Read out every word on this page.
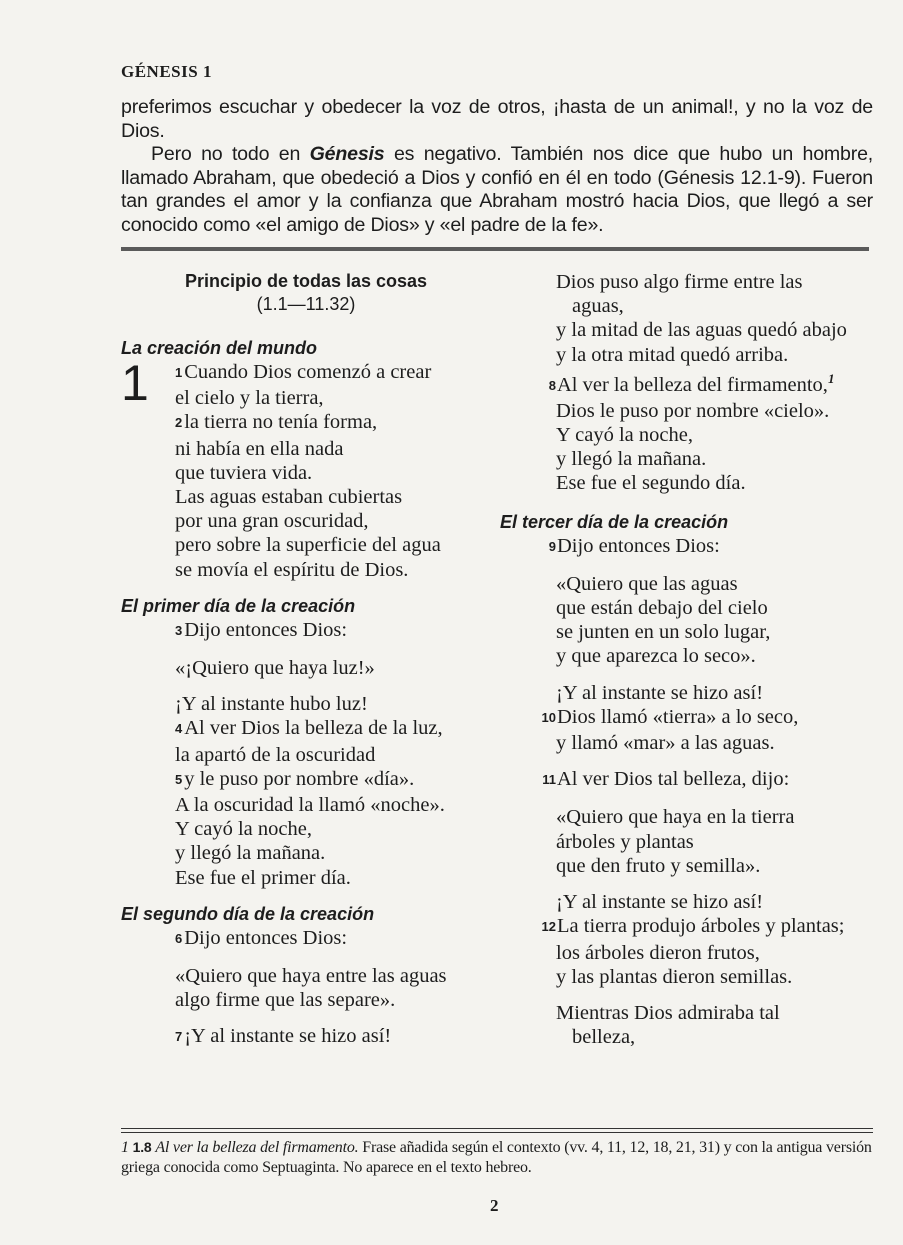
GÉNESIS 1

preferimos escuchar y obedecer la voz de otros, ¡hasta de un animal!, y no la voz de Dios.

Pero no todo en Génesis es negativo. También nos dice que hubo un hombre, llamado Abraham, que obedeció a Dios y confió en él en todo (Génesis 12.1-9). Fueron tan grandes el amor y la confianza que Abraham mostró hacia Dios, que llegó a ser conocido como «el amigo de Dios» y «el padre de la fe».

Principio de todas las cosas

(1.1—11.32)

La creación del mundo

1	1Cuando Dios comenzó a crear

el cielo y la tierra,

2la tierra no tenía forma,

ni había en ella nada

que tuviera vida.

Las aguas estaban cubiertas

por una gran oscuridad,

pero sobre la superficie del agua

se movía el espíritu de Dios.

El primer día de la creación

3Dijo entonces Dios:

«¡Quiero que haya luz!»

¡Y al instante hubo luz!

4Al ver Dios la belleza de la luz,

la apartó de la oscuridad

5y le puso por nombre «día».

A la oscuridad la llamó «noche».

Y cayó la noche,

y llegó la mañana.

Ese fue el primer día.

El segundo día de la creación

6Dijo entonces Dios:

«Quiero que haya entre las aguas

algo firme que las separe».

7¡Y al instante se hizo así!

Dios puso algo firme entre las

aguas,

y la mitad de las aguas quedó abajo

y la otra mitad quedó arriba.

8Al ver la belleza del firmamento,$^1$

Dios le puso por nombre «cielo».

Y cayó la noche,

y llegó la mañana.

Ese fue el segundo día.

El tercer día de la creación

9Dijo entonces Dios:

«Quiero que las aguas

que están debajo del cielo

se junten en un solo lugar,

y que aparezca lo seco».

¡Y al instante se hizo así!

10Dios llamó «tierra» a lo seco,

y llamó «mar» a las aguas.

11Al ver Dios tal belleza, dijo:

«Quiero que haya en la tierra

árboles y plantas

que den fruto y semilla».

¡Y al instante se hizo así!

12La tierra produjo árboles y plantas;

los árboles dieron frutos,

y las plantas dieron semillas.

Mientras Dios admiraba tal

belleza,

1 1.8 Al ver la belleza del firmamento. Frase añadida según el contexto (vv. 4, 11, 12, 18, 21, 31) y con la antigua versión griega conocida como Septuaginta. No aparece en el texto hebreo.
2
